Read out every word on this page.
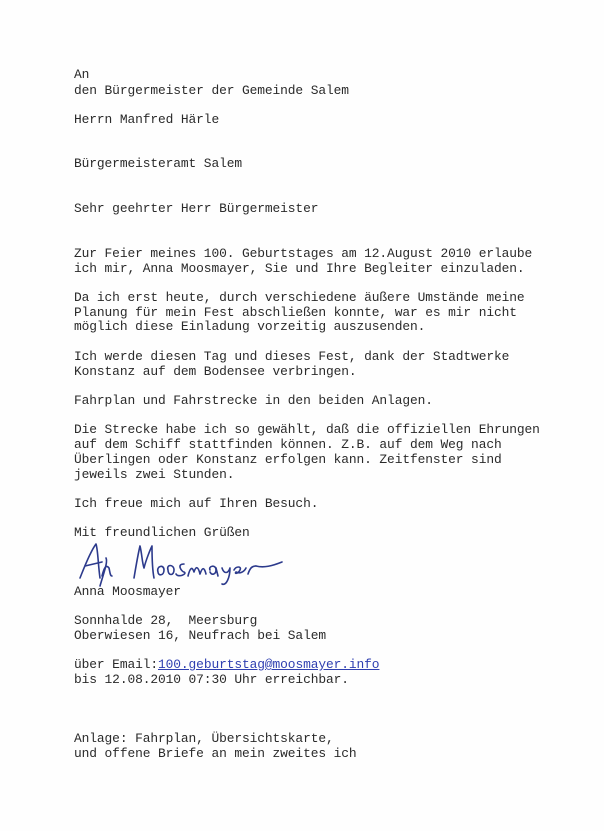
An

den Bürgermeister der Gemeinde Salem

Herrn Manfred Härle

Bürgermeisteramt Salem

Sehr geehrter Herr Bürgermeister

Zur Feier meines 100. Geburtstages am 12.August 2010 erlaube

ich mir, Anna Moosmayer, Sie und Ihre Begleiter einzuladen.

Da ich erst heute, durch verschiedene äußere Umstände meine

Planung für mein Fest abschließen konnte, war es mir nicht

möglich diese Einladung vorzeitig auszusenden.

Ich werde diesen Tag und dieses Fest, dank der Stadtwerke

Konstanz auf dem Bodensee verbringen.

Fahrplan und Fahrstrecke in den beiden Anlagen.

Die Strecke habe ich so gewählt, daß die offiziellen Ehrungen

auf dem Schiff stattfinden können. Z.B. auf dem Weg nach

Überlingen oder Konstanz erfolgen kann. Zeitfenster sind

jeweils zwei Stunden.

Ich freue mich auf Ihren Besuch.

Mit freundlichen Grüßen

Anna Moosmayer

Sonnhalde 28,  Meersburg

Oberwiesen 16, Neufrach bei Salem

über Email:100.geburtstag@moosmayer.info

bis 12.08.2010 07:30 Uhr erreichbar.

Anlage: Fahrplan, Übersichtskarte,

und offene Briefe an mein zweites ich
